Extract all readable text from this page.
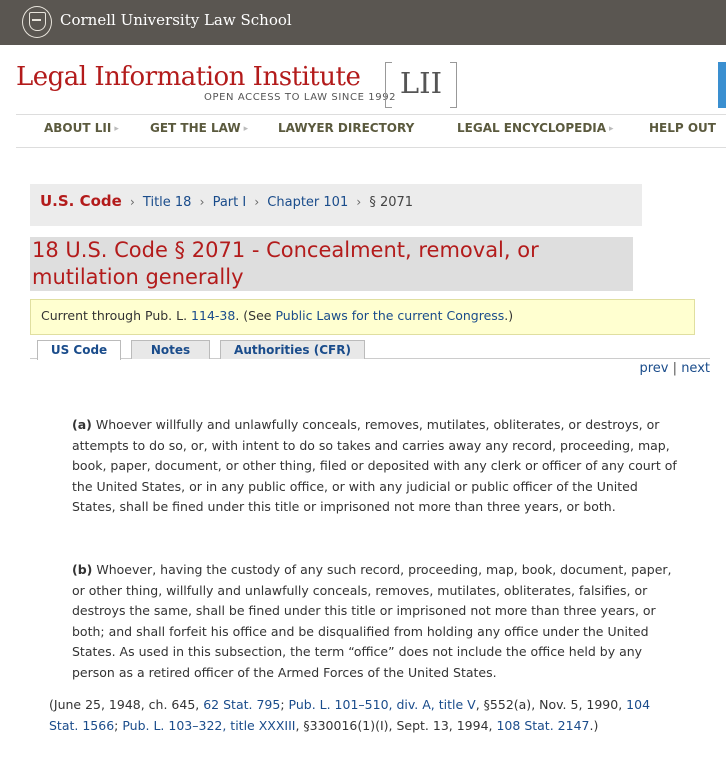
Cornell University Law School
Legal Information Institute
OPEN ACCESS TO LAW SINCE 1992 LII
ABOUT LII ▸	GET THE LAW ▸ LAWYER DIRECTORY	LEGAL ENCYCLOPEDIA ▸	HELP OUT
U.S. Code › Title 18 › Part I › Chapter 101 › § 2071
18 U.S. Code § 2071 - Concealment, removal, or mutilation generally
Current through Pub. L. 114-38. (See Public Laws for the current Congress.)
US Code	Notes	Authorities (CFR)
prev | next
(a) Whoever willfully and unlawfully conceals, removes, mutilates, obliterates, or destroys, or attempts to do so, or, with intent to do so takes and carries away any record, proceeding, map, book, paper, document, or other thing, filed or deposited with any clerk or officer of any court of the United States, or in any public office, or with any judicial or public officer of the United States, shall be fined under this title or imprisoned not more than three years, or both.
(b) Whoever, having the custody of any such record, proceeding, map, book, document, paper, or other thing, willfully and unlawfully conceals, removes, mutilates, obliterates, falsifies, or destroys the same, shall be fined under this title or imprisoned not more than three years, or both; and shall forfeit his office and be disqualified from holding any office under the United States. As used in this subsection, the term “office” does not include the office held by any person as a retired officer of the Armed Forces of the United States.
(June 25, 1948, ch. 645, 62 Stat. 795; Pub. L. 101–510, div. A, title V, §552(a), Nov. 5, 1990, 104 Stat. 1566; Pub. L. 103–322, title XXXIII, §330016(1)(I), Sept. 13, 1994, 108 Stat. 2147.)
